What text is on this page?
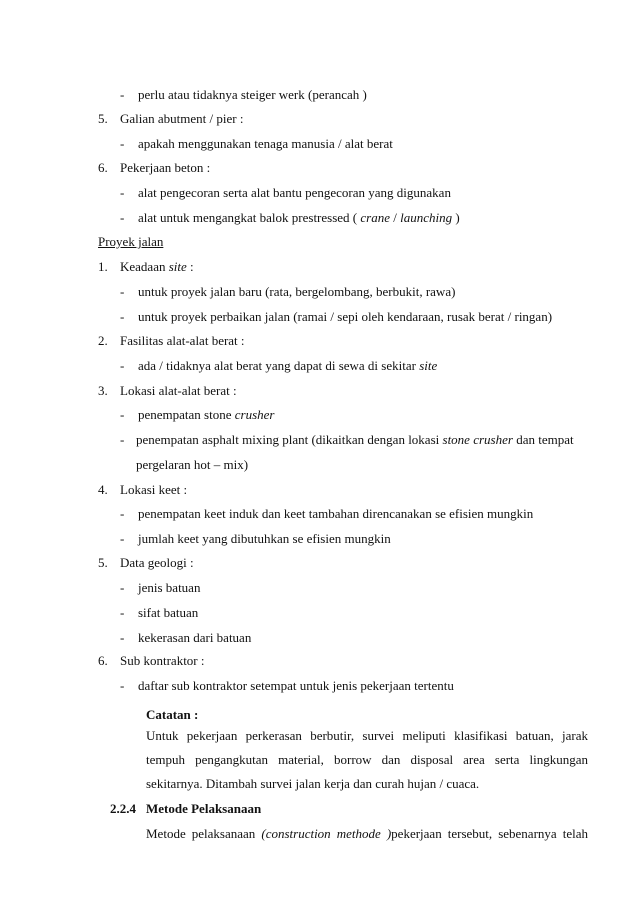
- perlu atau tidaknya steiger werk (perancah )
5. Galian abutment / pier :
- apakah menggunakan tenaga manusia / alat berat
6. Pekerjaan beton :
- alat pengecoran serta alat bantu pengecoran yang digunakan
- alat untuk mengangkat balok prestressed ( crane / launching )
Proyek jalan
1. Keadaan site :
- untuk proyek jalan baru (rata, bergelombang, berbukit, rawa)
- untuk proyek perbaikan jalan (ramai / sepi oleh kendaraan, rusak berat / ringan)
2. Fasilitas alat-alat berat :
- ada / tidaknya alat berat yang dapat di sewa di sekitar site
3. Lokasi alat-alat berat :
- penempatan stone crusher
- penempatan asphalt mixing plant (dikaitkan dengan lokasi stone crusher dan tempat
pergelaran hot – mix)
4. Lokasi keet :
- penempatan keet induk dan keet tambahan direncanakan se efisien mungkin
- jumlah keet yang dibutuhkan se efisien mungkin
5. Data geologi :
- jenis batuan
- sifat batuan
- kekerasan dari batuan
6. Sub kontraktor :
- daftar sub kontraktor setempat untuk jenis pekerjaan tertentu
Catatan :
Untuk pekerjaan perkerasan berbutir, survei meliputi klasifikasi batuan, jarak
tempuh pengangkutan material, borrow dan disposal area serta lingkungan
sekitarnya. Ditambah survei jalan kerja dan curah hujan / cuaca.
2.2.4 Metode Pelaksanaan
Metode pelaksanaan (construction methode )pekerjaan tersebut, sebenarnya telah
